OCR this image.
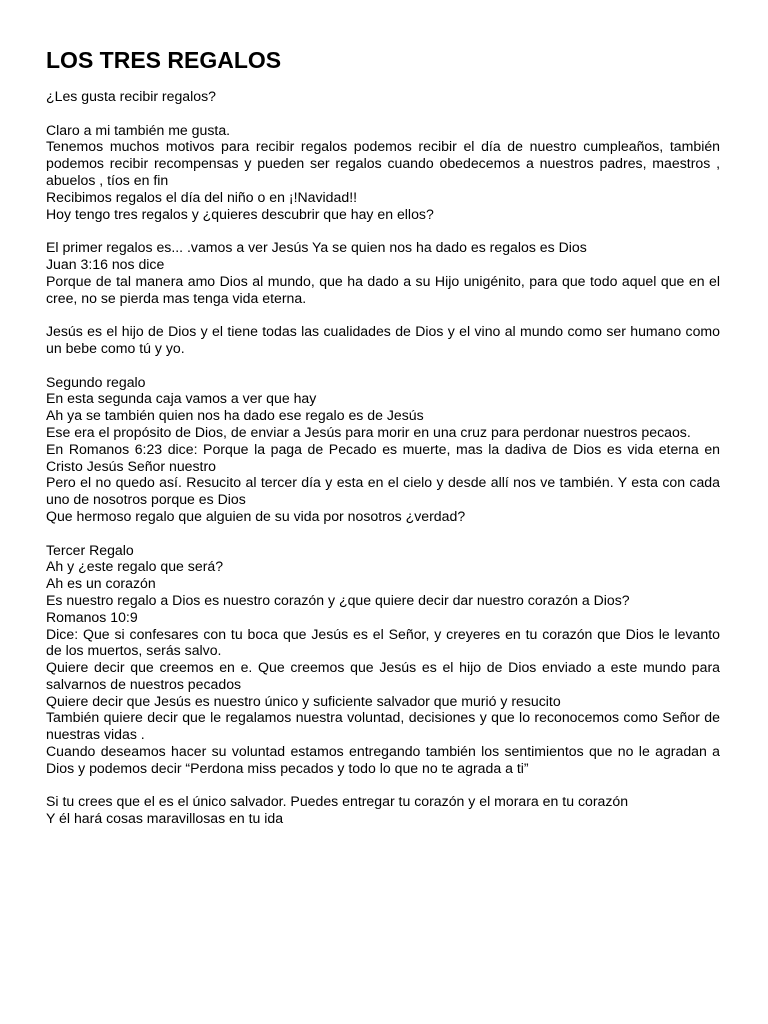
LOS TRES REGALOS
¿Les gusta recibir regalos?
Claro a mi también me gusta.
Tenemos muchos motivos para recibir regalos podemos recibir el día de nuestro cumpleaños, también podemos recibir recompensas y pueden ser regalos cuando obedecemos a nuestros padres, maestros , abuelos , tíos en fin
Recibimos regalos el día del niño o en ¡!Navidad!!
Hoy tengo tres regalos y ¿quieres descubrir que hay en ellos?
El primer regalos es... .vamos a ver Jesús Ya se quien nos ha dado es regalos es Dios
Juan 3:16 nos dice
Porque de tal manera amo Dios al mundo, que ha dado a su Hijo unigénito, para que todo aquel que en el cree, no se pierda mas tenga vida eterna.
Jesús es el hijo de Dios y el tiene todas las cualidades de Dios y el vino al mundo como ser humano como un bebe como tú y yo.
Segundo regalo
En esta segunda caja vamos a ver que hay
Ah ya se también quien nos ha dado ese regalo es de Jesús
Ese era el propósito de Dios, de enviar a Jesús para morir en una cruz para perdonar nuestros pecaos.
En Romanos 6:23 dice: Porque la paga de Pecado es muerte, mas la dadiva de Dios es vida eterna en Cristo Jesús Señor nuestro
Pero el no quedo así. Resucito al tercer día y esta en el cielo y desde allí nos ve también. Y esta con cada uno de nosotros porque es Dios
Que hermoso regalo que alguien de su vida por nosotros ¿verdad?
Tercer Regalo
Ah y ¿este regalo que será?
Ah es un corazón
Es nuestro regalo a Dios es nuestro corazón y ¿que quiere decir dar nuestro corazón a Dios?
Romanos 10:9
Dice: Que si confesares con tu boca que Jesús es el Señor, y creyeres en tu corazón que Dios le levanto de los muertos, serás salvo.
Quiere decir que creemos en e. Que creemos que Jesús es el hijo de Dios enviado a este mundo para salvarnos de nuestros pecados
Quiere decir que Jesús es nuestro único y suficiente salvador que murió y resucito
También quiere decir que le regalamos nuestra voluntad, decisiones y que lo reconocemos como Señor de nuestras vidas .
Cuando deseamos hacer su voluntad estamos entregando también los sentimientos que no le agradan a Dios y podemos decir “Perdona miss pecados y todo lo que no te agrada a ti”
Si tu crees que el es el único salvador. Puedes entregar tu corazón y el morara en tu corazón
Y él hará cosas maravillosas en tu ida
